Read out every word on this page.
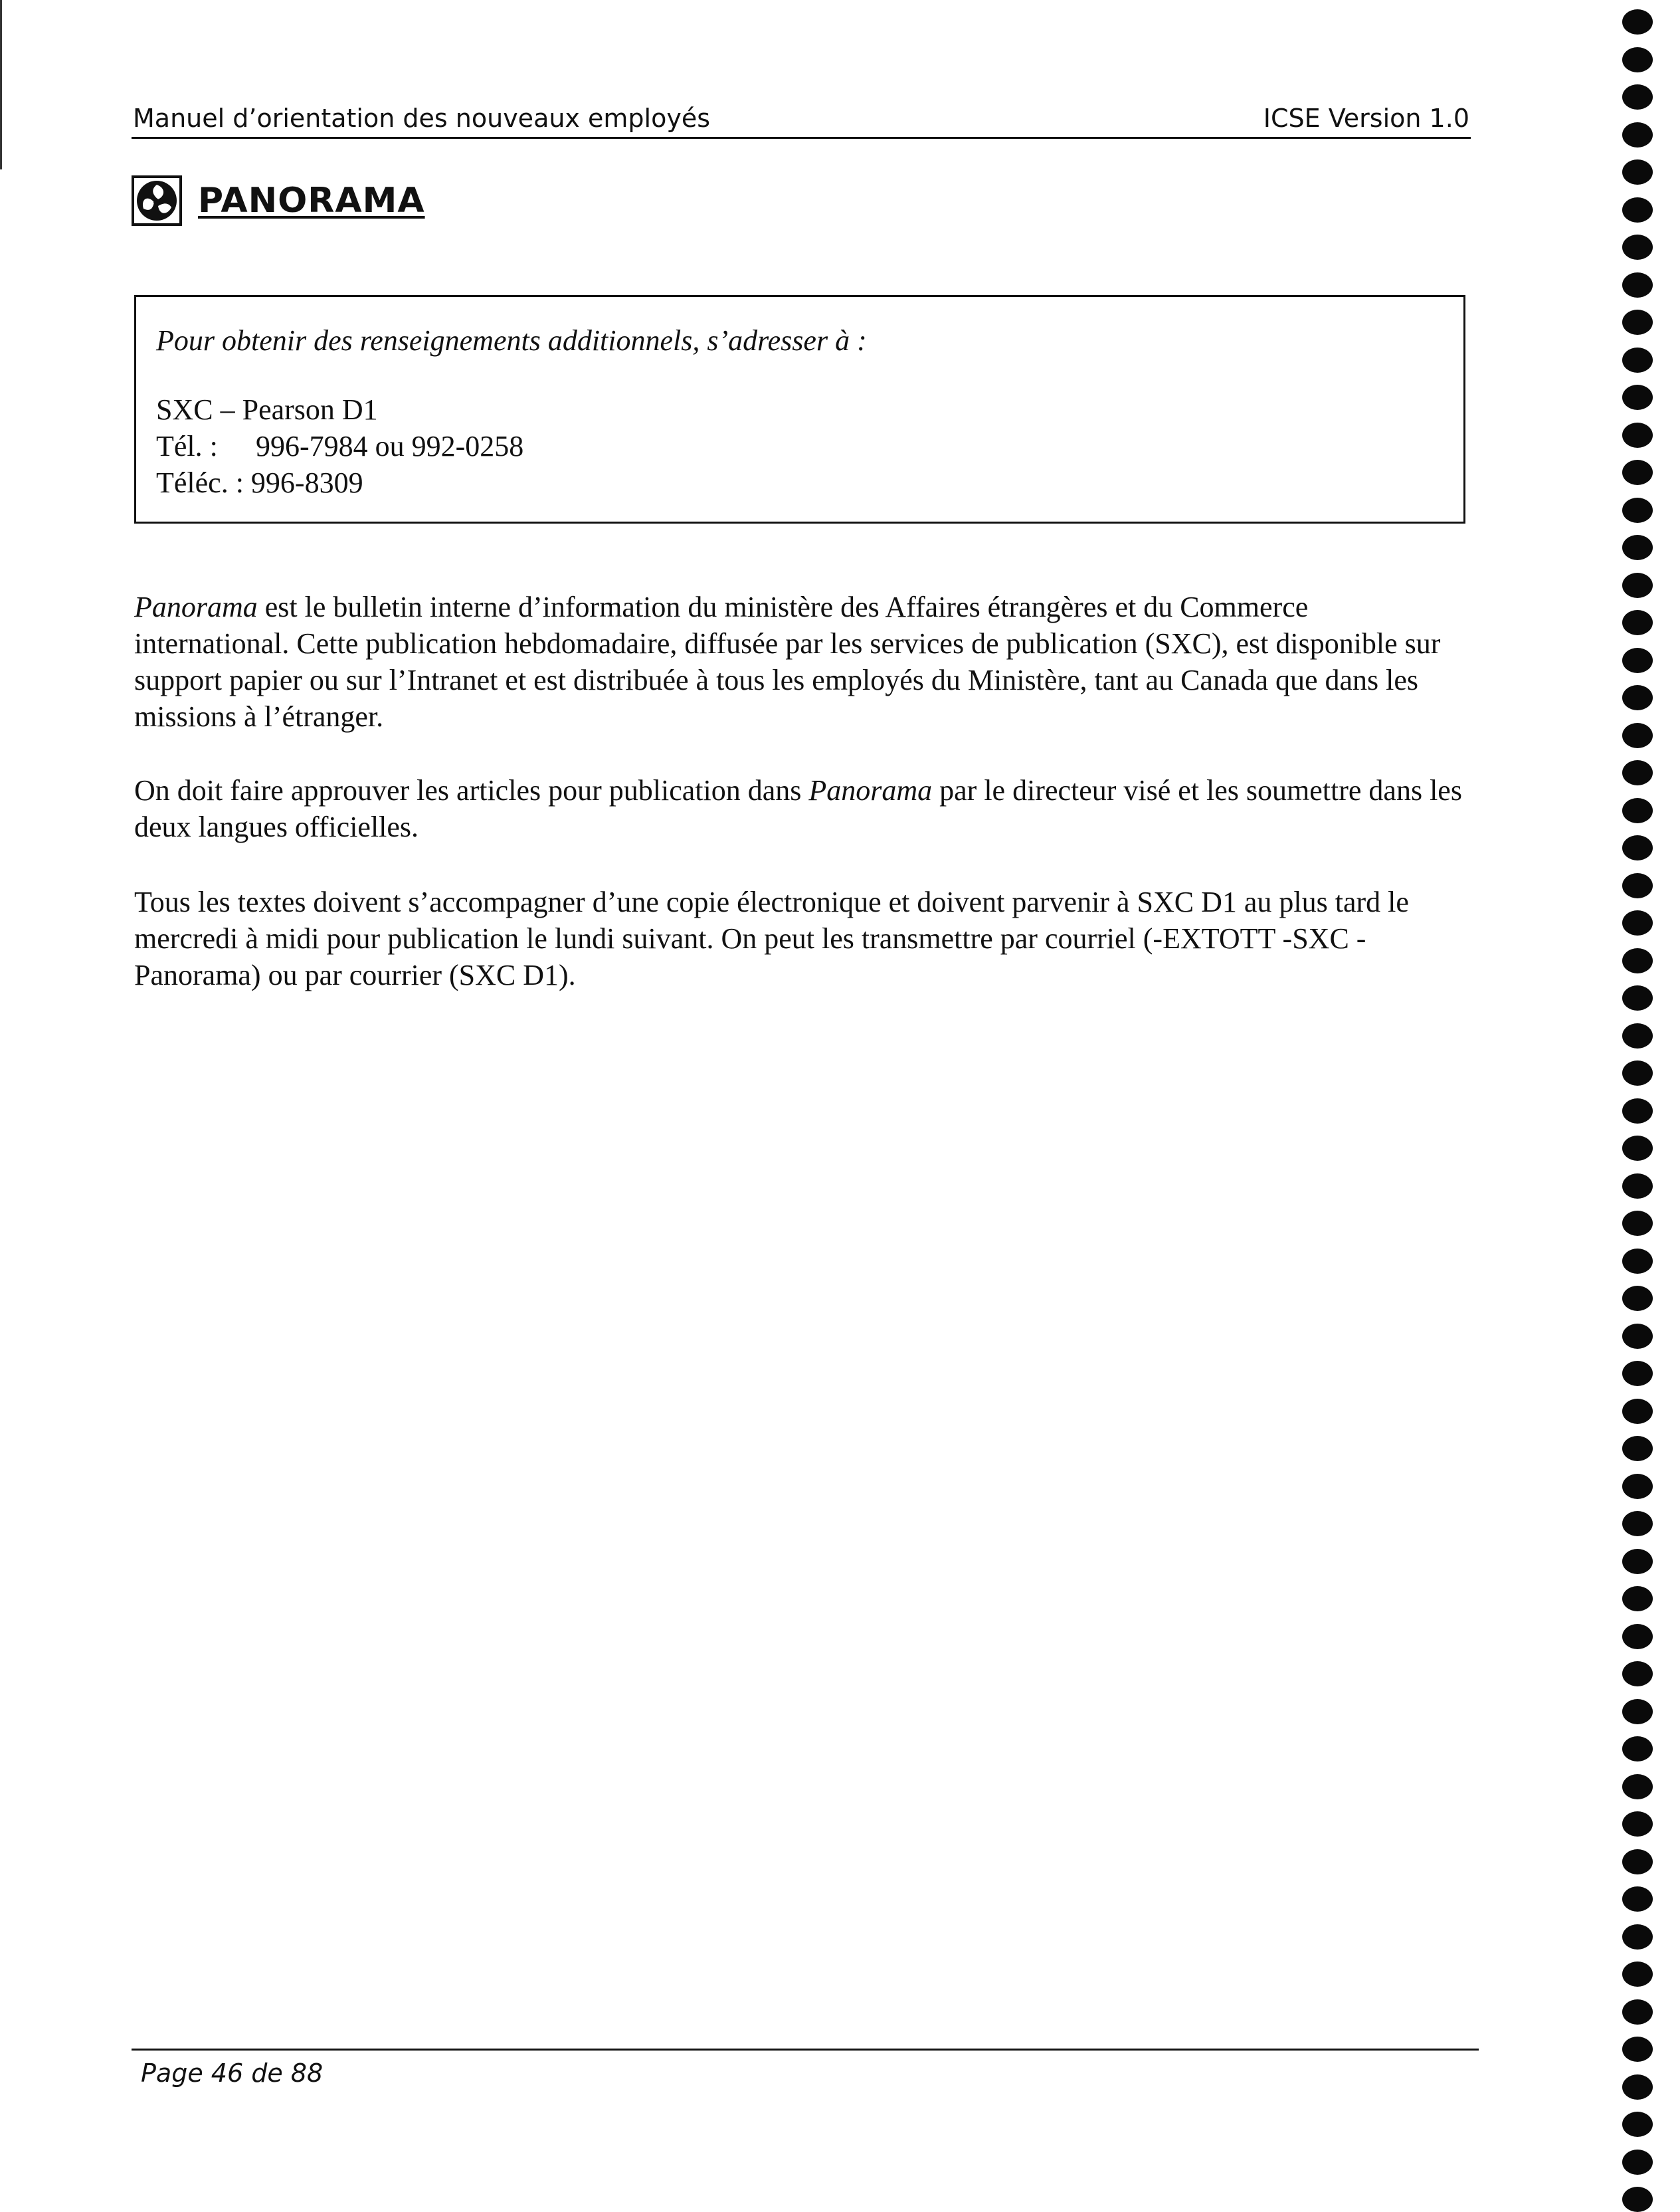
Manuel d’orientation des nouveaux employés	ICSE Version 1.0
PANORAMA
Pour obtenir des renseignements additionnels, s’adresser à :
SXC – Pearson D1
Tél. : 996-7984 ou 992-0258
Téléc. : 996-8309

Panorama est le bulletin interne d’information du ministère des Affaires étrangères et du Commerce international. Cette publication hebdomadaire, diffusée par les services de publication (SXC), est disponible sur support papier ou sur l’Intranet et est distribuée à tous les employés du Ministère, tant au Canada que dans les missions à l’étranger.

On doit faire approuver les articles pour publication dans Panorama par le directeur visé et les soumettre dans les deux langues officielles.

Tous les textes doivent s’accompagner d’une copie électronique et doivent parvenir à SXC D1 au plus tard le mercredi à midi pour publication le lundi suivant. On peut les transmettre par courriel (-EXTOTT -SXC -Panorama) ou par courrier (SXC D1).

Page 46 de 88
